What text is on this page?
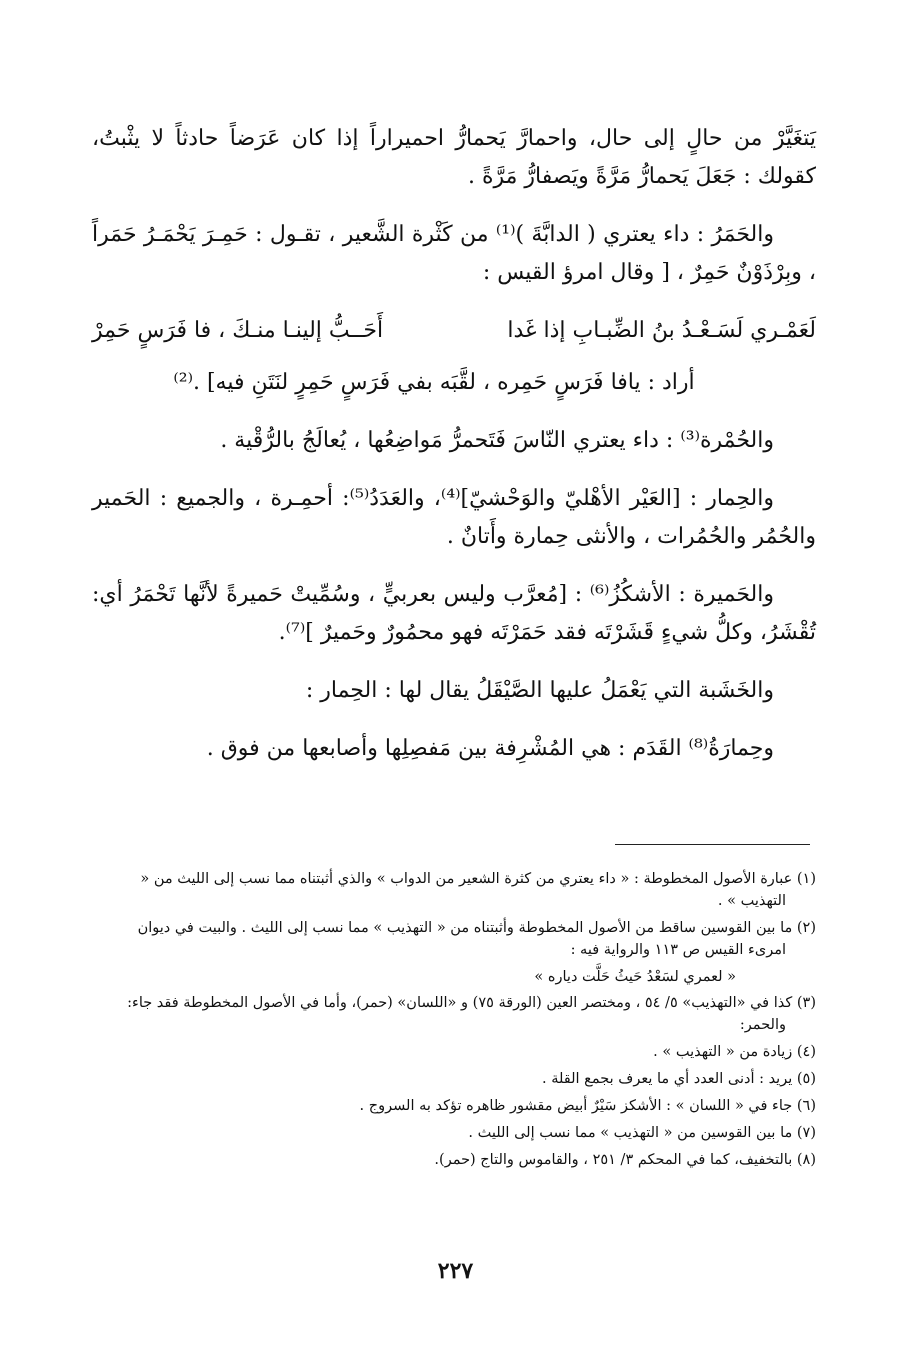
يَتغَيَّرْ من حالٍ إلى حال، واحمارَّ يَحمارُّ احميراراً إذا كان عَرَضاً حادثاً لا يثْبتُ، كقولك : جَعَلَ يَحمارُّ مَرَّةً ويَصفارُّ مَرَّةً .

والحَمَرُ : داء يعتري ( الدابَّةَ )⁽¹⁾ من كَثْرة الشَّعير ، تقـول : حَمِـرَ يَحْمَـرُ حَمَراً ، وبِرْذَوْنٌ حَمِرٌ ، [ وقال امرؤ القيس :

لَعَمْـري لَسَـعْـدُ بنُ الضِّبـابِ إذا غَدا
أَحَــبُّ إلينـا منـكَ ، فا فَرَسٍ حَمِرْ

أراد : يافا فَرَسٍ حَمِره ، لقَّبَه بفي فَرَسٍ حَمِرٍ لنَتَنِ فيه] .⁽²⁾

والحُمْرة⁽³⁾ : داء يعتري النّاسَ فَتَحمرُّ مَواضِعُها ، يُعالَجُ بالرُّقْية .

والحِمار : [العَيْر الأهْليّ والوَحْشيّ]⁽⁴⁾، والعَدَدُ⁽⁵⁾: أحمِـرة ، والجميع : الحَمير والحُمُر والحُمُرات ، والأنثى حِمارة وأَتانٌ .

والحَميرة : الأشكُزُ⁽⁶⁾ : [مُعرَّب وليس بعربيٍّ ، وسُمِّيتْ حَميرةً لأنَّها تَحْمَرُ أي: تُقْشَرُ، وكلُّ شيءٍ قَشَرْتَه فقد حَمَرْتَه فهو محمُورٌ وحَميرٌ ]⁽⁷⁾.

والخَشَبة التي يَعْمَلُ عليها الصَّيْقَلُ يقال لها : الحِمار :

وحِمارَةُ⁽⁸⁾ القَدَم : هي المُشْرِفة بين مَفصِلِها وأصابعها من فوق .

(١) عبارة الأصول المخطوطة : « داء يعتري من كثرة الشعير من الدواب » والذي أثبتناه مما نسب إلى الليث من « التهذيب » .

(٢) ما بين القوسين ساقط من الأصول المخطوطة وأثبتناه من « التهذيب » مما نسب إلى الليث . والبيت في ديوان امرىء القيس ص ١١٣ والرواية فيه :

« لعمري لسَعْدُ حَيثُ حَلَّت دياره »

(٣) كذا في «التهذيب» ٥/ ٥٤ ، ومختصر العين (الورقة ٧٥) و «اللسان» (حمر)، وأما في الأصول المخطوطة فقد جاء: والحمر:

(٤) زيادة من « التهذيب » .

(٥) يريد : أدنى العدد أي ما يعرف بجمع القلة .

(٦) جاء في « اللسان » : الأشكز سَيْرٌ أبيض مقشور ظاهره تؤكد به السروج .

(٧) ما بين القوسين من « التهذيب » مما نسب إلى الليث .

(٨) بالتخفيف، كما في المحكم ٣/ ٢٥١ ، والقاموس والتاج (حمر).

٢٢٧
